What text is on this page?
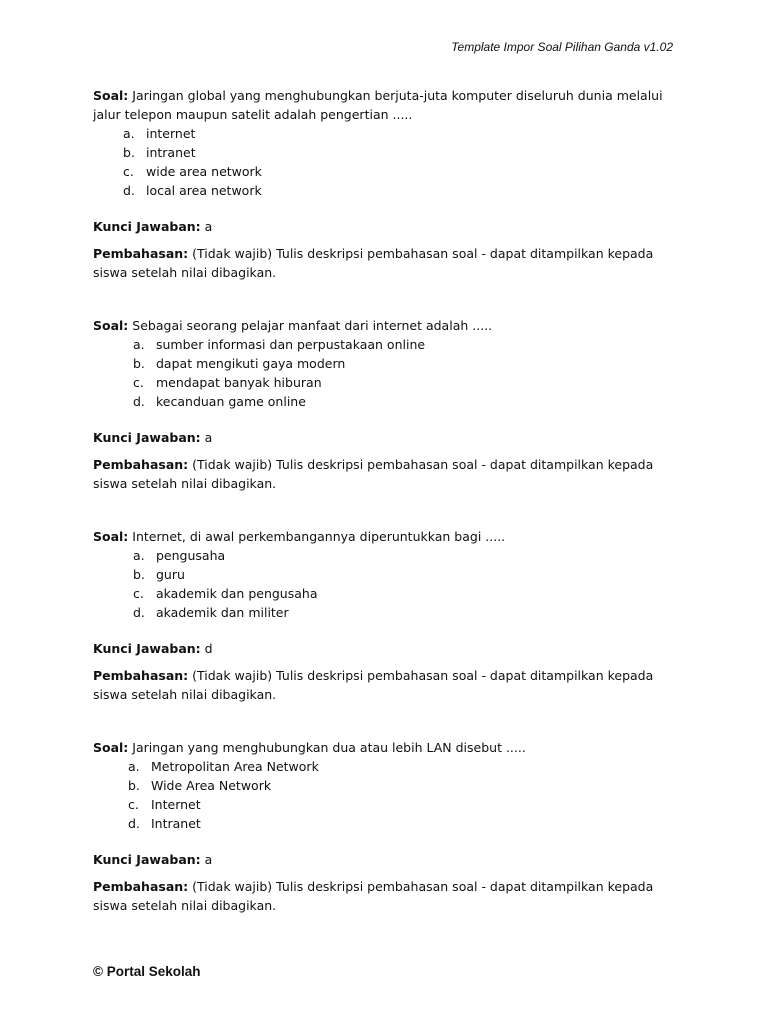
Template Impor Soal Pilihan Ganda v1.02

Soal: Jaringan global yang menghubungkan berjuta-juta komputer diseluruh dunia melalui jalur telepon maupun satelit adalah pengertian .....

a. internet
b. intranet
c. wide area network
d. local area network

Kunci Jawaban: a

Pembahasan: (Tidak wajib) Tulis deskripsi pembahasan soal - dapat ditampilkan kepada siswa setelah nilai dibagikan.

Soal: Sebagai seorang pelajar manfaat dari internet adalah .....

a. sumber informasi dan perpustakaan online
b. dapat mengikuti gaya modern
c. mendapat banyak hiburan
d. kecanduan game online

Kunci Jawaban: a

Pembahasan: (Tidak wajib) Tulis deskripsi pembahasan soal - dapat ditampilkan kepada siswa setelah nilai dibagikan.

Soal: Internet, di awal perkembangannya diperuntukkan bagi .....

a. pengusaha
b. guru
c. akademik dan pengusaha
d. akademik dan militer

Kunci Jawaban: d

Pembahasan: (Tidak wajib) Tulis deskripsi pembahasan soal - dapat ditampilkan kepada siswa setelah nilai dibagikan.

Soal: Jaringan yang menghubungkan dua atau lebih LAN disebut .....

a. Metropolitan Area Network
b. Wide Area Network
c. Internet
d. Intranet

Kunci Jawaban: a

Pembahasan: (Tidak wajib) Tulis deskripsi pembahasan soal - dapat ditampilkan kepada siswa setelah nilai dibagikan.

© Portal Sekolah
